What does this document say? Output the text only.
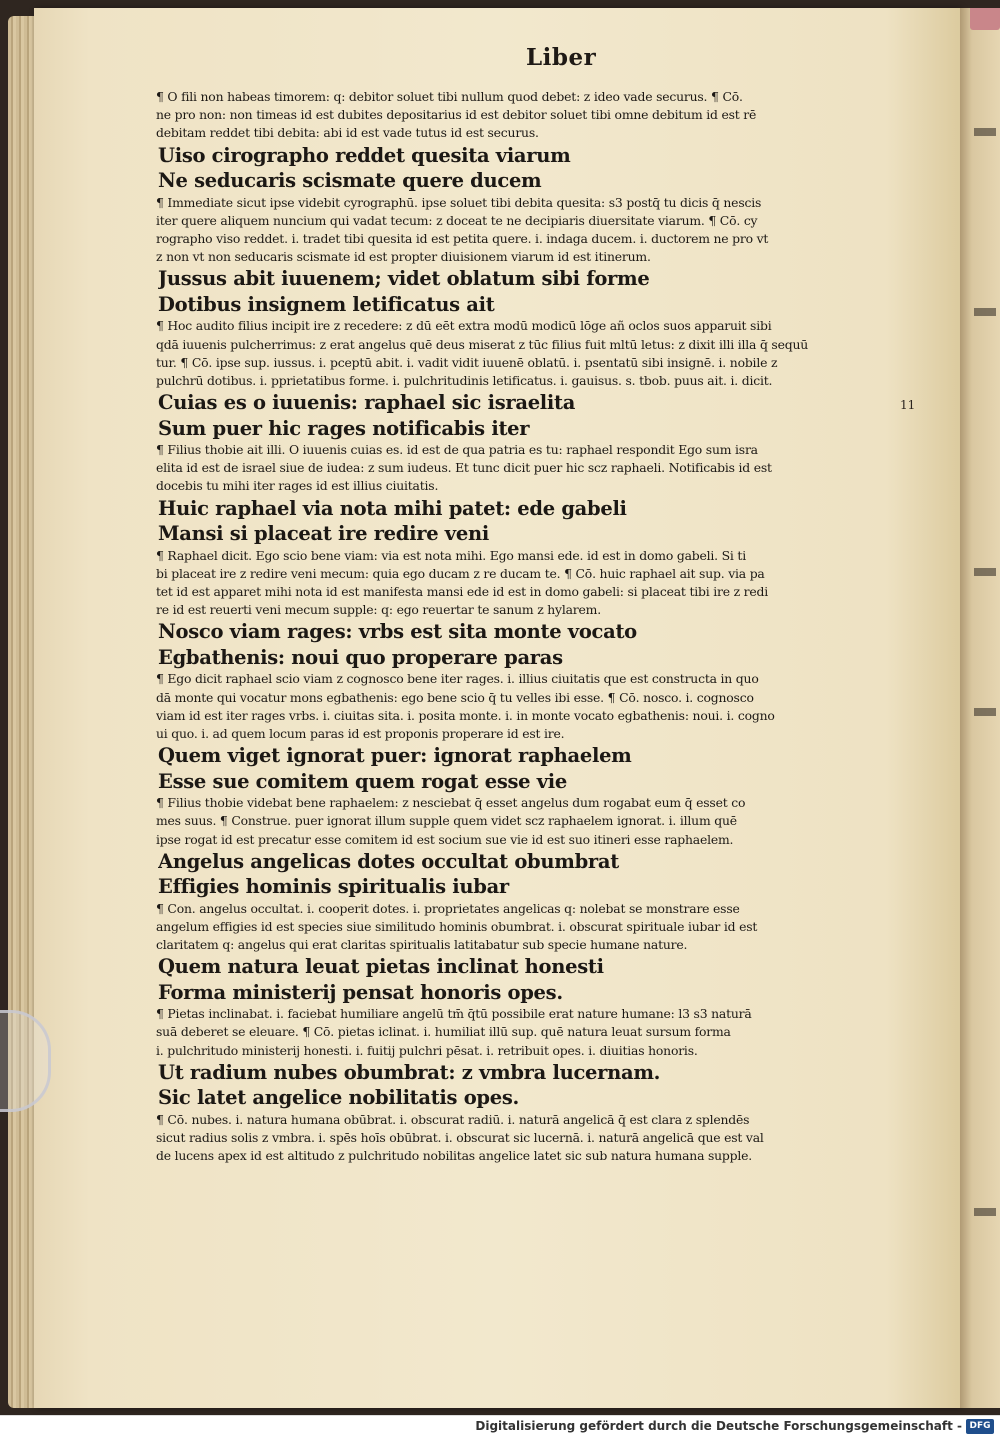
Liber
¶ O fili non habeas timorem: q: debitor soluet tibi nullum quod debet: z ideo vade securus. ¶ Cō.
ne pro non: non timeas id est dubites depositarius id est debitor soluet tibi omne debitum id est rē
debitam reddet tibi debita: abi id est vade tutus id est securus.
Uiso cirographo reddet quesita viarum
Ne seducaris scismate quere ducem
¶ Immediate sicut ipse videbit cyrographū. ipse soluet tibi debita quesita: s3 postq̄ tu dicis q̄ nescis
iter quere aliquem nuncium qui vadat tecum: z doceat te ne decipiaris diuersitate viarum. ¶ Cō. cy
rographo viso reddet. i. tradet tibi quesita id est petita quere. i. indaga ducem. i. ductorem ne pro vt
z non vt non seducaris scismate id est propter diuisionem viarum id est itinerum.
Jussus abit iuuenem; videt oblatum sibi forme
Dotibus insignem letificatus ait
¶ Hoc audito filius incipit ire z recedere: z dū eēt extra modū modicū lōge añ oclos suos apparuit sibi
qdā iuuenis pulcherrimus: z erat angelus quē deus miserat z tūc filius fuit mltū letus: z dixit illi illa q̄ sequū
tur. ¶ Cō. ipse sup. iussus. i. pceptū abit. i. vadit vidit iuuenē oblatū. i. psentatū sibi insignē. i. nobile z
pulchrū dotibus. i. pprietatibus forme. i. pulchritudinis letificatus. i. gauisus. s. tbob. puus ait. i. dicit.
Cuias es o iuuenis: raphael sic israelita
Sum puer hic rages notificabis iter
¶ Filius thobie ait illi. O iuuenis cuias es. id est de qua patria es tu: raphael respondit Ego sum isra
elita id est de israel siue de iudea: z sum iudeus. Et tunc dicit puer hic scz raphaeli. Notificabis id est
docebis tu mihi iter rages id est illius ciuitatis.
Huic raphael via nota mihi patet: ede gabeli
Mansi si placeat ire redire veni
¶ Raphael dicit. Ego scio bene viam: via est nota mihi. Ego mansi ede. id est in domo gabeli. Si ti
bi placeat ire z redire veni mecum: quia ego ducam z re ducam te. ¶ Cō. huic raphael ait sup. via pa
tet id est apparet mihi nota id est manifesta mansi ede id est in domo gabeli: si placeat tibi ire z redi
re id est reuerti veni mecum supple: q: ego reuertar te sanum z hylarem.
Nosco viam rages: vrbs est sita monte vocato
Egbathenis: noui quo properare paras
¶ Ego dicit raphael scio viam z cognosco bene iter rages. i. illius ciuitatis que est constructa in quo
dā monte qui vocatur mons egbathenis: ego bene scio q̄ tu velles ibi esse. ¶ Cō. nosco. i. cognosco
viam id est iter rages vrbs. i. ciuitas sita. i. posita monte. i. in monte vocato egbathenis: noui. i. cogno
ui quo. i. ad quem locum paras id est proponis properare id est ire.
Quem viget ignorat puer: ignorat raphaelem
Esse sue comitem quem rogat esse vie
¶ Filius thobie videbat bene raphaelem: z nesciebat q̄ esset angelus dum rogabat eum q̄ esset co
mes suus. ¶ Construe. puer ignorat illum supple quem videt scz raphaelem ignorat. i. illum quē
ipse rogat id est precatur esse comitem id est socium sue vie id est suo itineri esse raphaelem.
Angelus angelicas dotes occultat obumbrat
Effigies hominis spiritualis iubar
¶ Con. angelus occultat. i. cooperit dotes. i. proprietates angelicas q: nolebat se monstrare esse
angelum effigies id est species siue similitudo hominis obumbrat. i. obscurat spirituale iubar id est
claritatem q: angelus qui erat claritas spiritualis latitabatur sub specie humane nature.
Quem natura leuat pietas inclinat honesti
Forma ministerij pensat honoris opes.
¶ Pietas inclinabat. i. faciebat humiliare angelū tm̄ q̄tū possibile erat nature humane: l3 s3 naturā
suā deberet se eleuare. ¶ Cō. pietas iclinat. i. humiliat illū sup. quē natura leuat sursum forma
i. pulchritudo ministerij honesti. i. fuitij pulchri pēsat. i. retribuit opes. i. diuitias honoris.
Ut radium nubes obumbrat: z vmbra lucernam.
Sic latet angelice nobilitatis opes.
¶ Cō. nubes. i. natura humana obūbrat. i. obscurat radiū. i. naturā angelicā q̄ est clara z splendēs
sicut radius solis z vmbra. i. spēs hoīs obūbrat. i. obscurat sic lucernā. i. naturā angelicā que est val
de lucens apex id est altitudo z pulchritudo nobilitas angelice latet sic sub natura humana supple.
11
Digitalisierung gefördert durch die Deutsche Forschungsgemeinschaft - DFG
